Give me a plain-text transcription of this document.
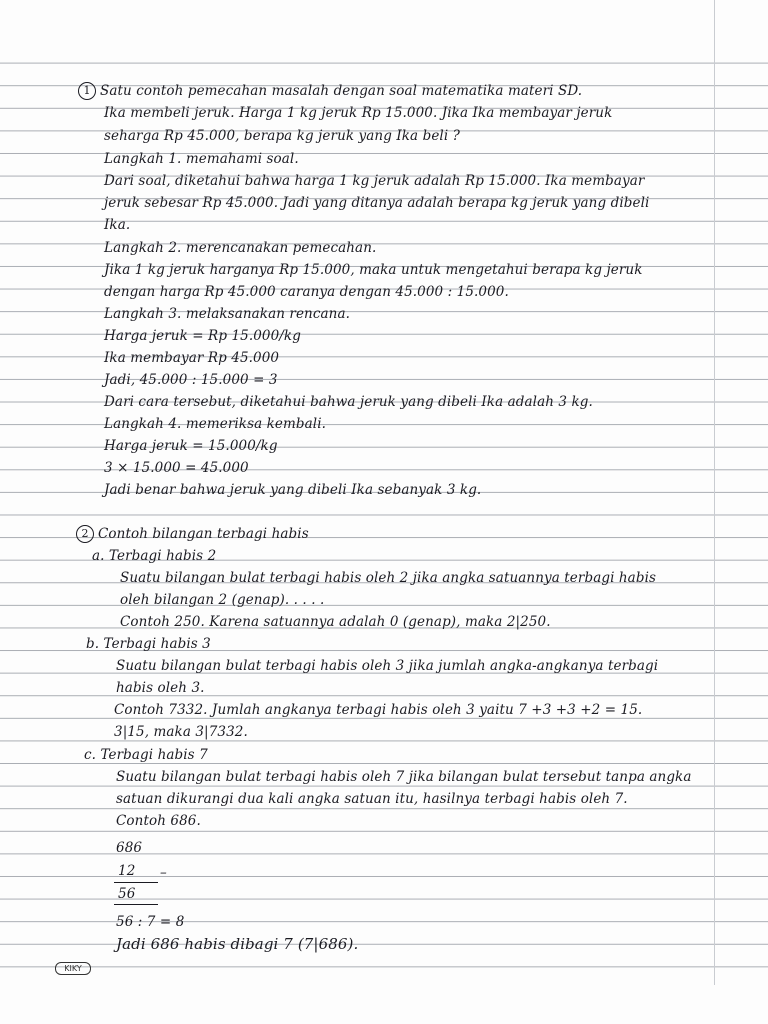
1 Satu contoh pemecahan masalah dengan soal matematika materi SD.
Ika membeli jeruk. Harga 1 kg jeruk Rp 15.000. Jika Ika membayar jeruk
seharga Rp 45.000, berapa kg jeruk yang Ika beli ?
Langkah 1. memahami soal.
Dari soal, diketahui bahwa harga 1 kg jeruk adalah Rp 15.000. Ika membayar
jeruk sebesar Rp 45.000. Jadi yang ditanya adalah berapa kg jeruk yang dibeli
Ika.
Langkah 2. merencanakan pemecahan.
Jika 1 kg jeruk harganya Rp 15.000, maka untuk mengetahui berapa kg jeruk
dengan harga Rp 45.000 caranya dengan 45.000 : 15.000.
Langkah 3. melaksanakan rencana.
Harga jeruk = Rp 15.000/kg
Ika membayar Rp 45.000
Jadi, 45.000 : 15.000 = 3
Dari cara tersebut, diketahui bahwa jeruk yang dibeli Ika adalah 3 kg.
Langkah 4. memeriksa kembali.
Harga jeruk = 15.000/kg
3 × 15.000 = 45.000
Jadi benar bahwa jeruk yang dibeli Ika sebanyak 3 kg.
2 Contoh bilangan terbagi habis
a. Terbagi habis 2
Suatu bilangan bulat terbagi habis oleh 2 jika angka satuannya terbagi habis
oleh bilangan 2 (genap). . . . .
Contoh 250. Karena satuannya adalah 0 (genap), maka 2|250.
b. Terbagi habis 3
Suatu bilangan bulat terbagi habis oleh 3 jika jumlah angka-angkanya terbagi
habis oleh 3.
Contoh 7332. Jumlah angkanya terbagi habis oleh 3 yaitu 7 +3 +3 +2 = 15.
3|15, maka 3|7332.
c. Terbagi habis 7
Suatu bilangan bulat terbagi habis oleh 7 jika bilangan bulat tersebut tanpa angka
satuan dikurangi dua kali angka satuan itu, hasilnya terbagi habis oleh 7.
Contoh 686.
686
12 –
56
56 : 7 = 8
Jadi 686 habis dibagi 7 (7|686).
KIKY
